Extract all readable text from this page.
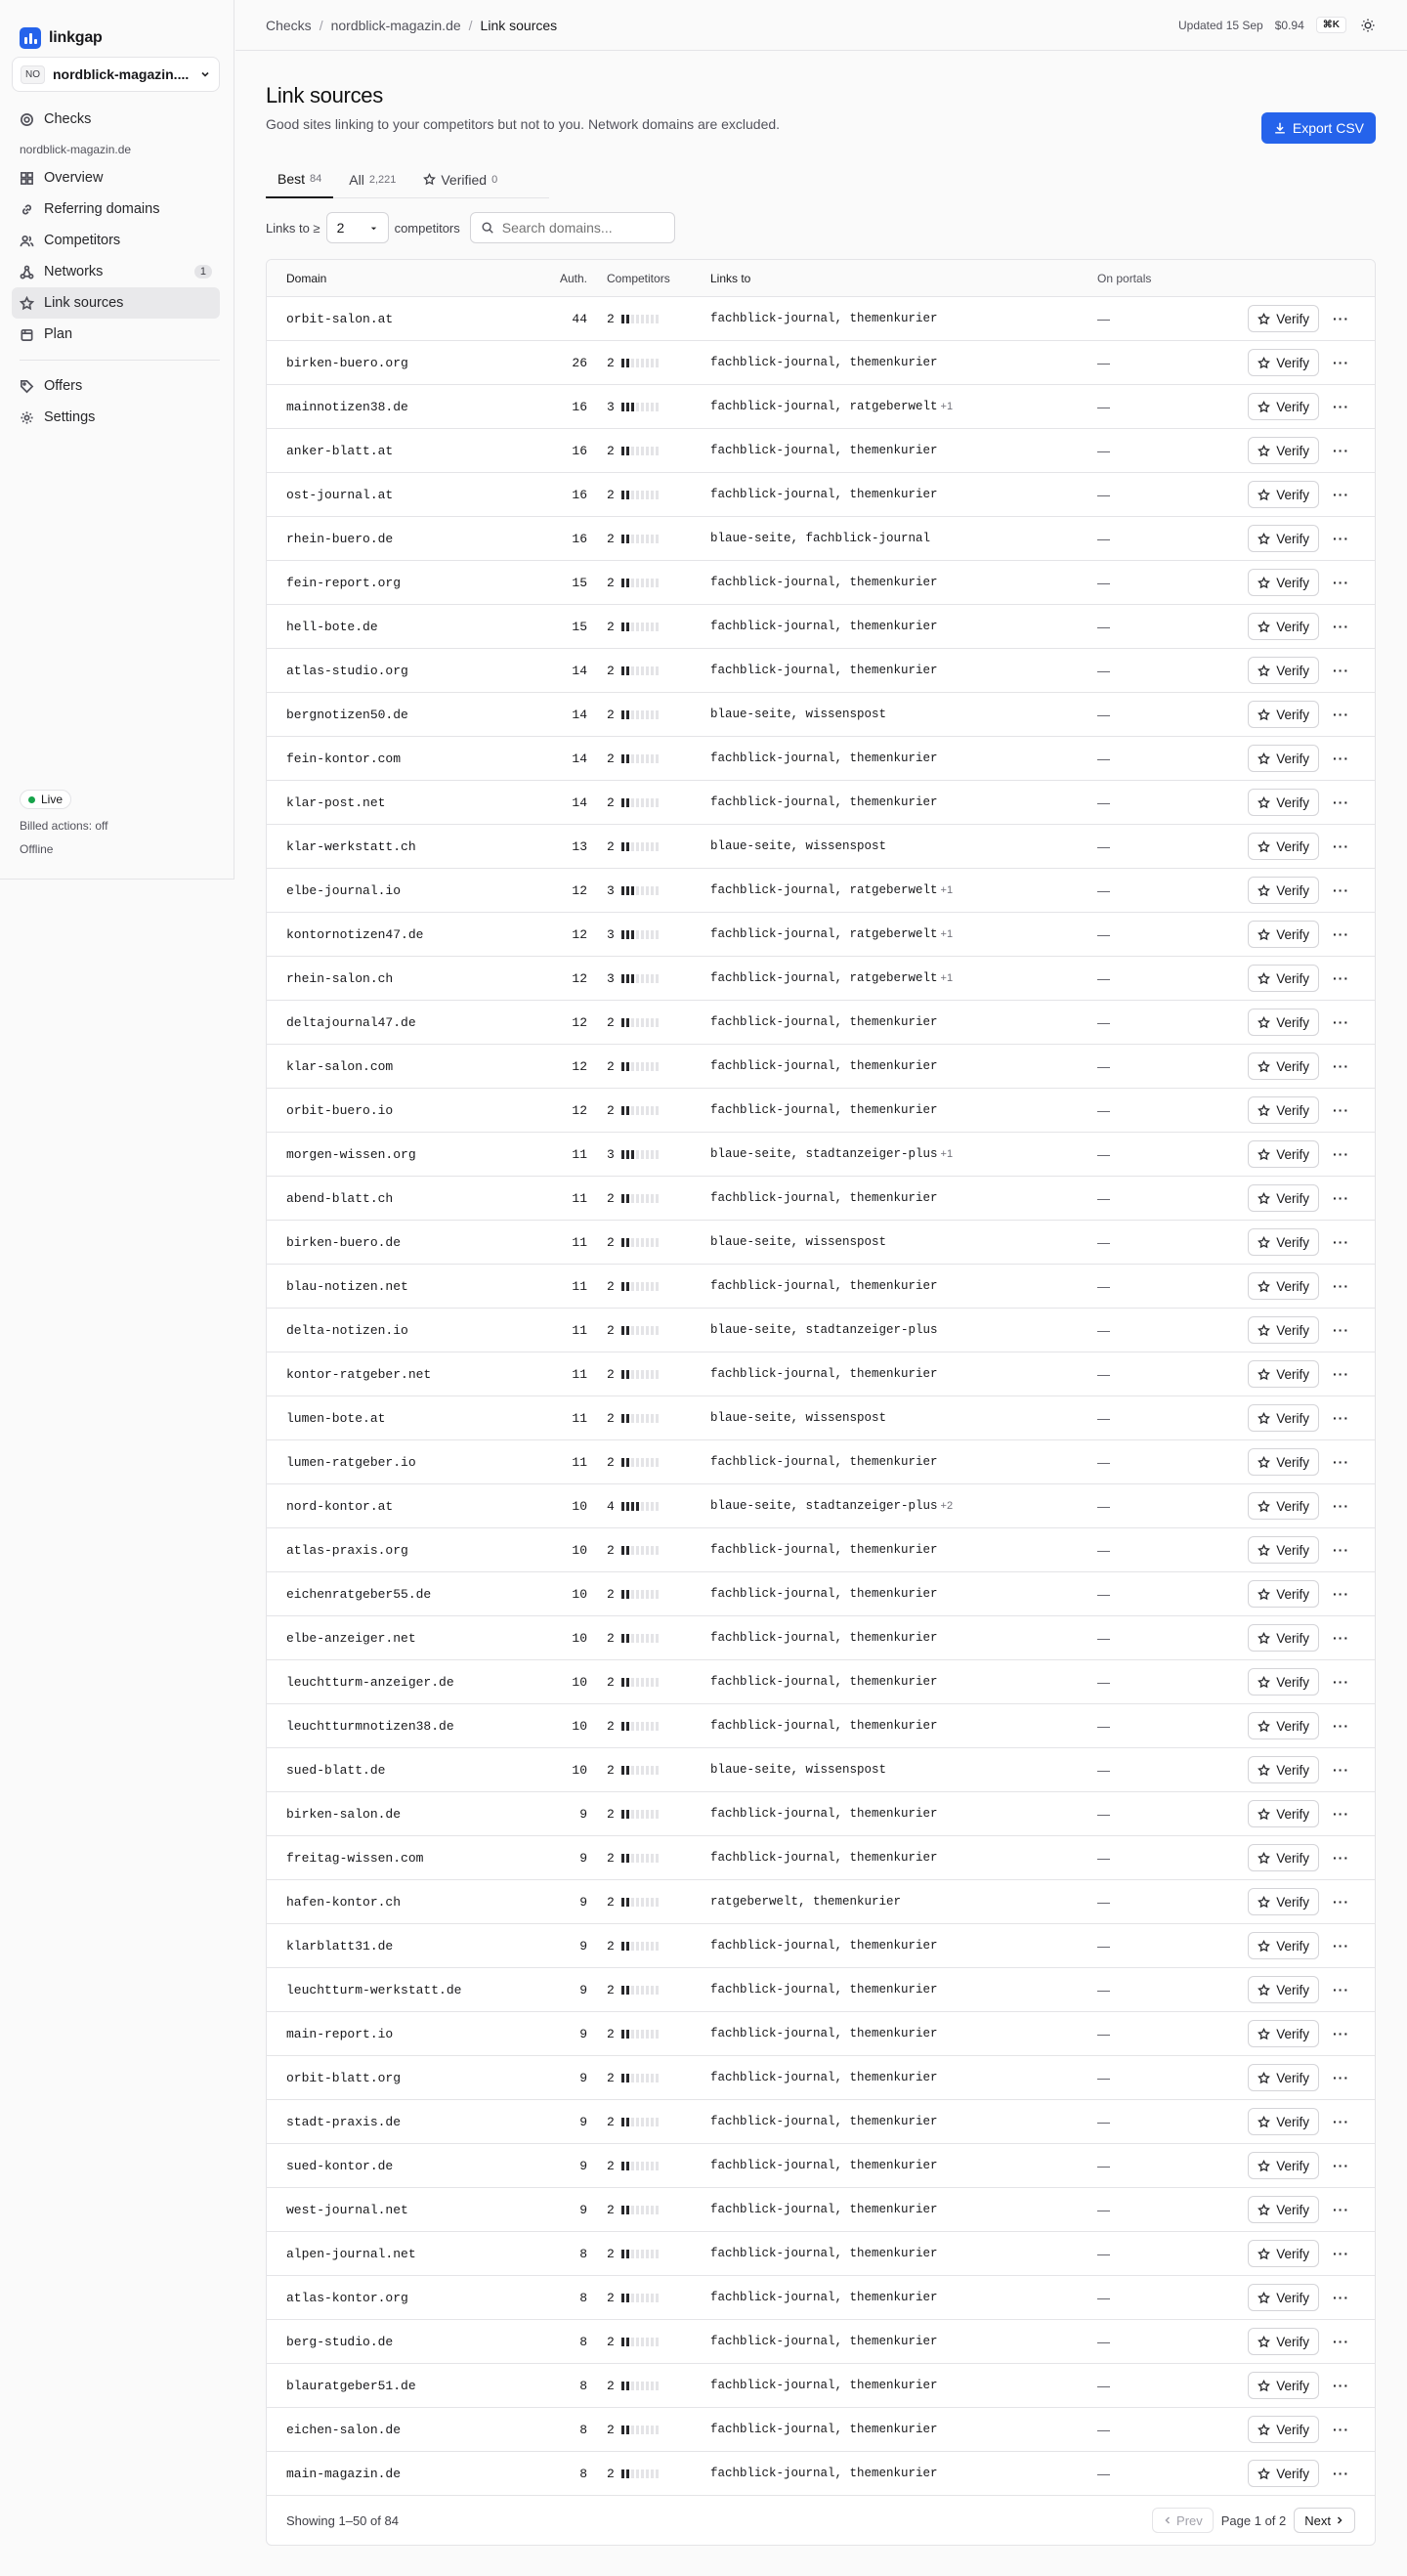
linkgap
NO nordblick-magazin....
Checks
nordblick-magazin.de
Overview
Referring domains
Competitors
Networks	1
Link sources
Plan
Offers
Settings
Live
Billed actions: off
Offline
Checks / nordblick-magazin.de / Link sources	Updated 15 Sep $0.94	⌘K
Link sources

Good sites linking to your competitors but not to you. Network domains are excluded.	Export CSV
Best 84 All 2,221	Verified 0
Links to ≥ 2	competitors
Search domains...
Domain	Auth.	Competitors	Links to	On portals
orbit-salon.at	44 2	fachblick-journal, themenkurier	—	Verify ···
birken-buero.org	26 2	fachblick-journal, themenkurier	—	Verify ···
mainnotizen38.de	16 3	fachblick-journal, ratgeberwelt +1	—	Verify ···
anker-blatt.at	16 2	fachblick-journal, themenkurier	—	Verify ···
ost-journal.at	16 2	fachblick-journal, themenkurier	—	Verify ···
rhein-buero.de	16 2	blaue-seite, fachblick-journal	—	Verify ···
fein-report.org	15 2	fachblick-journal, themenkurier	—	Verify ···
hell-bote.de	15 2	fachblick-journal, themenkurier	—	Verify ···
atlas-studio.org	14 2	fachblick-journal, themenkurier	—	Verify ···
bergnotizen50.de	14 2	blaue-seite, wissenspost	—	Verify ···
fein-kontor.com	14 2	fachblick-journal, themenkurier	—	Verify ···
klar-post.net	14 2	fachblick-journal, themenkurier	—	Verify ···
klar-werkstatt.ch	13 2	blaue-seite, wissenspost	—	Verify ···
elbe-journal.io	12 3	fachblick-journal, ratgeberwelt +1	—	Verify ···
kontornotizen47.de	12 3	fachblick-journal, ratgeberwelt +1	—	Verify ···
rhein-salon.ch	12 3	fachblick-journal, ratgeberwelt +1	—	Verify ···
deltajournal47.de	12 2	fachblick-journal, themenkurier	—	Verify ···
klar-salon.com	12 2	fachblick-journal, themenkurier	—	Verify ···
orbit-buero.io	12 2	fachblick-journal, themenkurier	—	Verify ···
morgen-wissen.org	11 3	blaue-seite, stadtanzeiger-plus +1	—	Verify ···
abend-blatt.ch	11 2	fachblick-journal, themenkurier	—	Verify ···
birken-buero.de	11 2	blaue-seite, wissenspost	—	Verify ···
blau-notizen.net	11 2	fachblick-journal, themenkurier	—	Verify ···
delta-notizen.io	11 2	blaue-seite, stadtanzeiger-plus	—	Verify ···
kontor-ratgeber.net	11 2	fachblick-journal, themenkurier	—	Verify ···
lumen-bote.at	11 2	blaue-seite, wissenspost	—	Verify ···
lumen-ratgeber.io	11 2	fachblick-journal, themenkurier	—	Verify ···
nord-kontor.at	10 4	blaue-seite, stadtanzeiger-plus +2	—	Verify ···
atlas-praxis.org	10 2	fachblick-journal, themenkurier	—	Verify ···
eichenratgeber55.de	10 2	fachblick-journal, themenkurier	—	Verify ···
elbe-anzeiger.net	10 2	fachblick-journal, themenkurier	—	Verify ···
leuchtturm-anzeiger.de	10 2	fachblick-journal, themenkurier	—	Verify ···
leuchtturmnotizen38.de	10 2	fachblick-journal, themenkurier	—	Verify ···
sued-blatt.de	10 2	blaue-seite, wissenspost	—	Verify ···
birken-salon.de	9 2	fachblick-journal, themenkurier	—	Verify ···
freitag-wissen.com	9 2	fachblick-journal, themenkurier	—	Verify ···
hafen-kontor.ch	9 2	ratgeberwelt, themenkurier	—	Verify ···
klarblatt31.de	9 2	fachblick-journal, themenkurier	—	Verify ···
leuchtturm-werkstatt.de	9 2	fachblick-journal, themenkurier	—	Verify ···
main-report.io	9 2	fachblick-journal, themenkurier	—	Verify ···
orbit-blatt.org	9 2	fachblick-journal, themenkurier	—	Verify ···
stadt-praxis.de	9 2	fachblick-journal, themenkurier	—	Verify ···
sued-kontor.de	9 2	fachblick-journal, themenkurier	—	Verify ···
west-journal.net	9 2	fachblick-journal, themenkurier	—	Verify ···
alpen-journal.net	8 2	fachblick-journal, themenkurier	—	Verify ···
atlas-kontor.org	8 2	fachblick-journal, themenkurier	—	Verify ···
berg-studio.de	8 2	fachblick-journal, themenkurier	—	Verify ···
blauratgeber51.de	8 2	fachblick-journal, themenkurier	—	Verify ···
eichen-salon.de	8 2	fachblick-journal, themenkurier	—	Verify ···
main-magazin.de	8 2	fachblick-journal, themenkurier	—	Verify ···
Showing 1–50 of 84	Prev Page 1 of 2 Next
